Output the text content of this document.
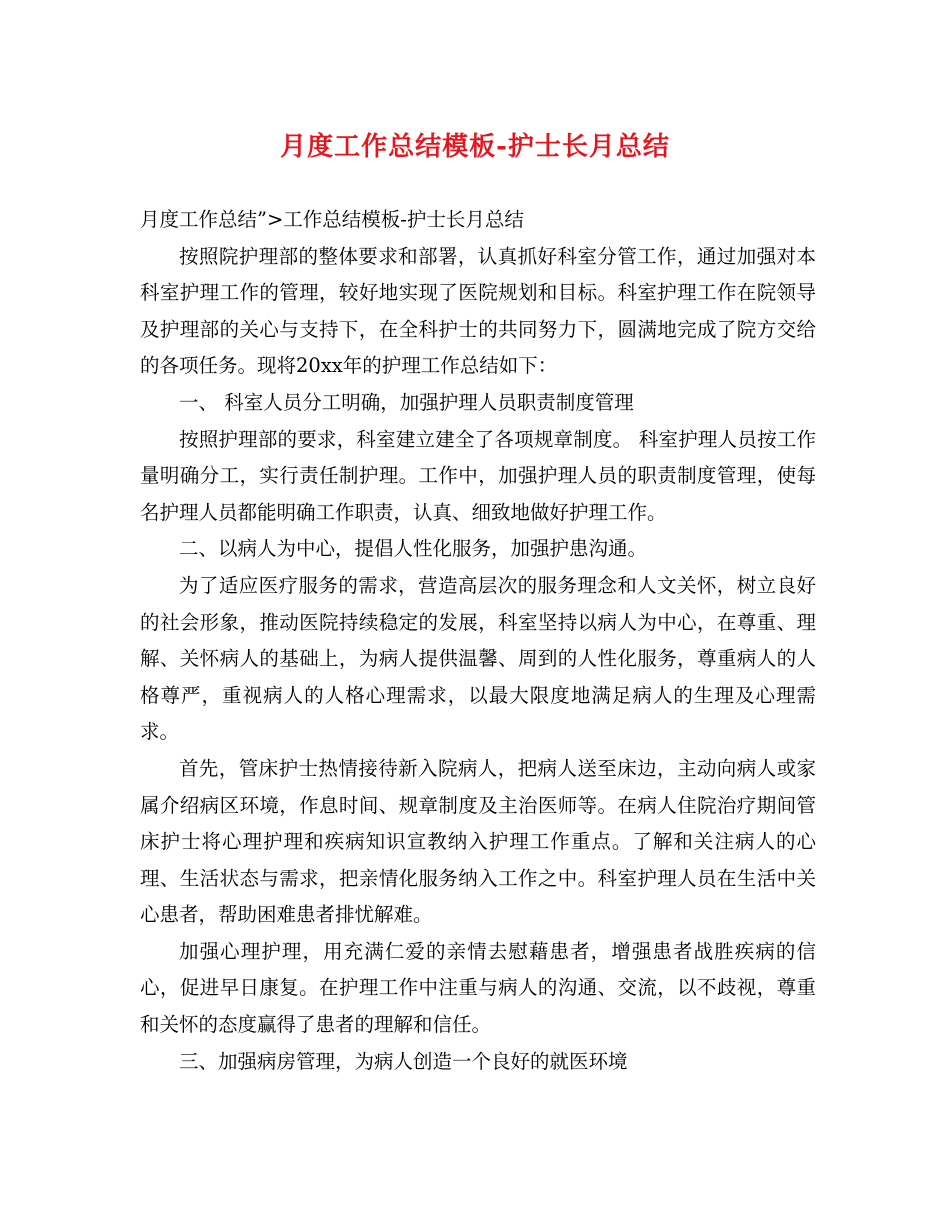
月度工作总结模板-护士长月总结

月度工作总结”>工作总结模板-护士长月总结

按照院护理部的整体要求和部署，认真抓好科室分管工作，通过加强对本科室护理工作的管理，较好地实现了医院规划和目标。科室护理工作在院领导及护理部的关心与支持下，在全科护士的共同努力下，圆满地完成了院方交给的各项任务。现将20xx年的护理工作总结如下：

一、 科室人员分工明确，加强护理人员职责制度管理

按照护理部的要求，科室建立建全了各项规章制度。 科室护理人员按工作量明确分工，实行责任制护理。工作中，加强护理人员的职责制度管理，使每名护理人员都能明确工作职责，认真、细致地做好护理工作。

二、以病人为中心，提倡人性化服务，加强护患沟通。

为了适应医疗服务的需求，营造高层次的服务理念和人文关怀，树立良好的社会形象，推动医院持续稳定的发展，科室坚持以病人为中心，在尊重、理解、关怀病人的基础上，为病人提供温馨、周到的人性化服务，尊重病人的人格尊严，重视病人的人格心理需求，以最大限度地满足病人的生理及心理需求。

首先，管床护士热情接待新入院病人，把病人送至床边，主动向病人或家属介绍病区环境，作息时间、规章制度及主治医师等。在病人住院治疗期间管床护士将心理护理和疾病知识宣教纳入护理工作重点。了解和关注病人的心理、生活状态与需求，把亲情化服务纳入工作之中。科室护理人员在生活中关心患者，帮助困难患者排忧解难。

加强心理护理，用充满仁爱的亲情去慰藉患者，增强患者战胜疾病的信心，促进早日康复。在护理工作中注重与病人的沟通、交流，以不歧视，尊重和关怀的态度赢得了患者的理解和信任。

三、加强病房管理，为病人创造一个良好的就医环境
